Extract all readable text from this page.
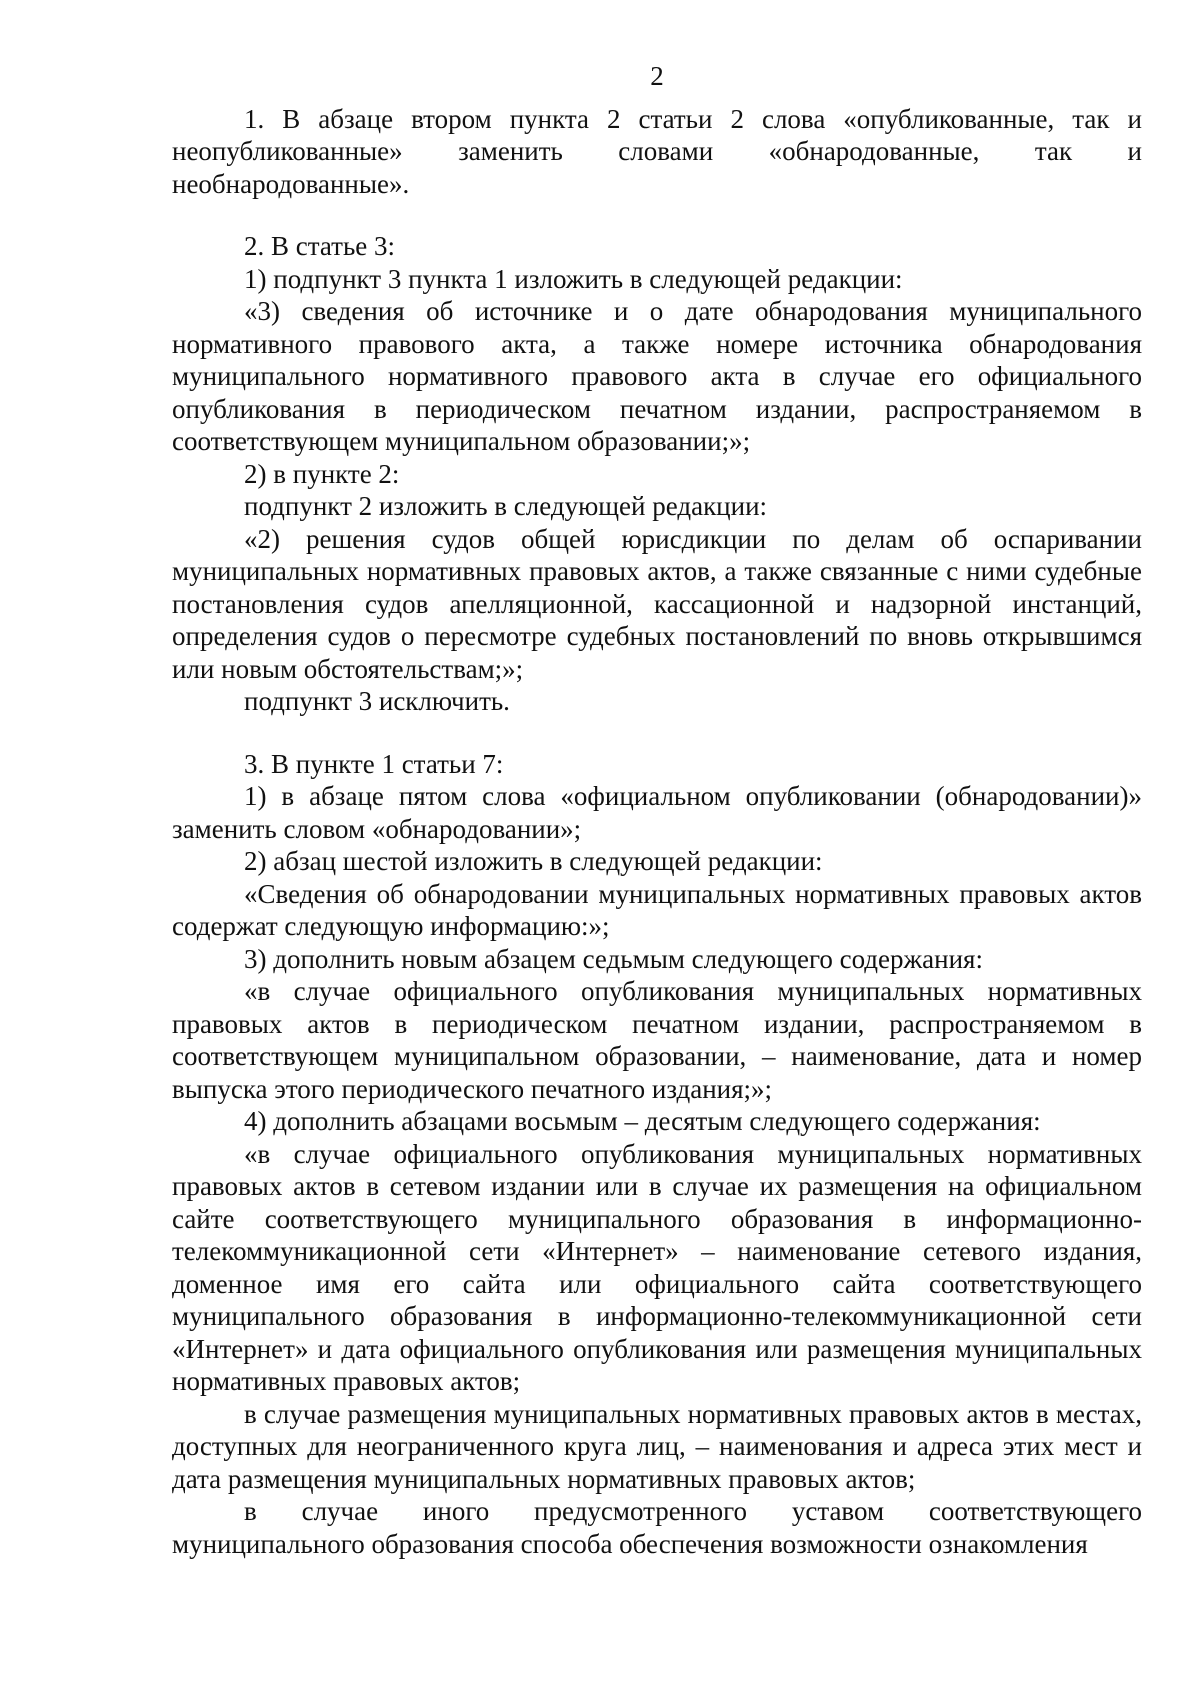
2

1. В абзаце втором пункта 2 статьи 2 слова «опубликованные, так и неопубликованные» заменить словами «обнародованные, так и необнародованные».

2. В статье 3:

1) подпункт 3 пункта 1 изложить в следующей редакции:

«3) сведения об источнике и о дате обнародования муниципального нормативного правового акта, а также номере источника обнародования муниципального нормативного правового акта в случае его официального опубликования в периодическом печатном издании, распространяемом в соответствующем муниципальном образовании;»;

2) в пункте 2:

подпункт 2 изложить в следующей редакции:

«2) решения судов общей юрисдикции по делам об оспаривании муниципальных нормативных правовых актов, а также связанные с ними судебные постановления судов апелляционной, кассационной и надзорной инстанций, определения судов о пересмотре судебных постановлений по вновь открывшимся или новым обстоятельствам;»;

подпункт 3 исключить.

3. В пункте 1 статьи 7:

1) в абзаце пятом слова «официальном опубликовании (обнародовании)» заменить словом «обнародовании»;

2) абзац шестой изложить в следующей редакции:

«Сведения об обнародовании муниципальных нормативных правовых актов содержат следующую информацию:»;

3) дополнить новым абзацем седьмым следующего содержания:

«в случае официального опубликования муниципальных нормативных правовых актов в периодическом печатном издании, распространяемом в соответствующем муниципальном образовании, – наименование, дата и номер выпуска этого периодического печатного издания;»;

4) дополнить абзацами восьмым – десятым следующего содержания:

«в случае официального опубликования муниципальных нормативных правовых актов в сетевом издании или в случае их размещения на официальном сайте соответствующего муниципального образования в информационно-телекоммуникационной сети «Интернет» – наименование сетевого издания, доменное имя его сайта или официального сайта соответствующего муниципального образования в информационно-телекоммуникационной сети «Интернет» и дата официального опубликования или размещения муниципальных нормативных правовых актов;

в случае размещения муниципальных нормативных правовых актов в местах, доступных для неограниченного круга лиц, – наименования и адреса этих мест и дата размещения муниципальных нормативных правовых актов;

в случае иного предусмотренного уставом соответствующего муниципального образования способа обеспечения возможности ознакомления
